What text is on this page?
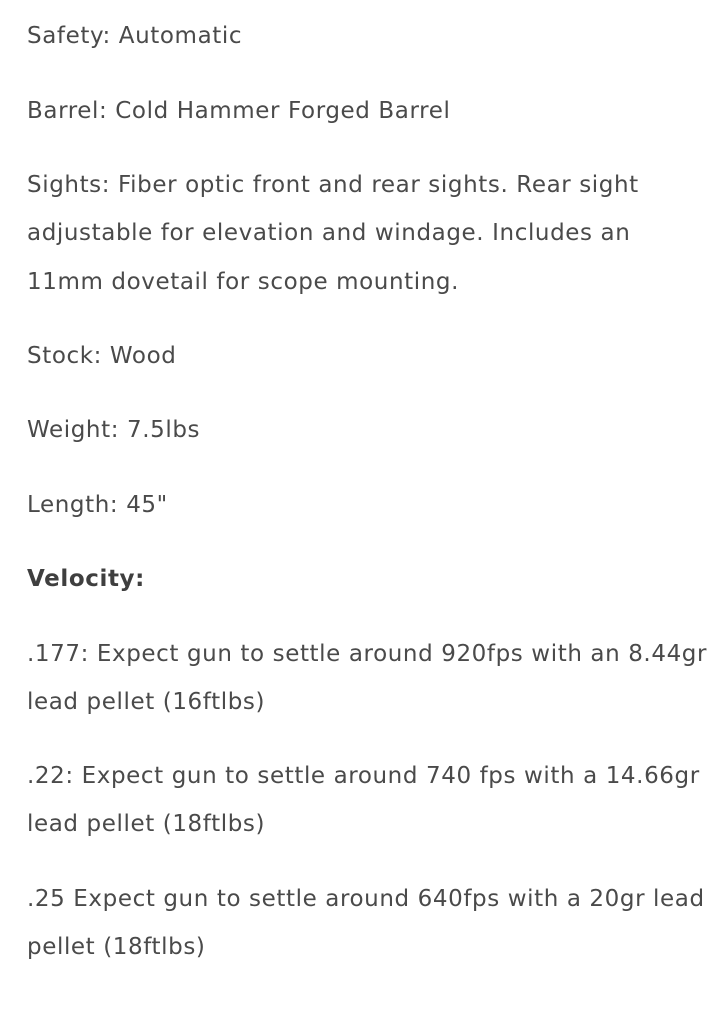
Safety: Automatic
Barrel: Cold Hammer Forged Barrel
Sights: Fiber optic front and rear sights. Rear sight
adjustable for elevation and windage. Includes an
11mm dovetail for scope mounting.
Stock: Wood
Weight: 7.5lbs
Length: 45"
Velocity:
.177: Expect gun to settle around 920fps with an 8.44gr
lead pellet (16ftlbs)
.22: Expect gun to settle around 740 fps with a 14.66gr
lead pellet (18ftlbs)
.25 Expect gun to settle around 640fps with a 20gr lead
pellet (18ftlbs)
